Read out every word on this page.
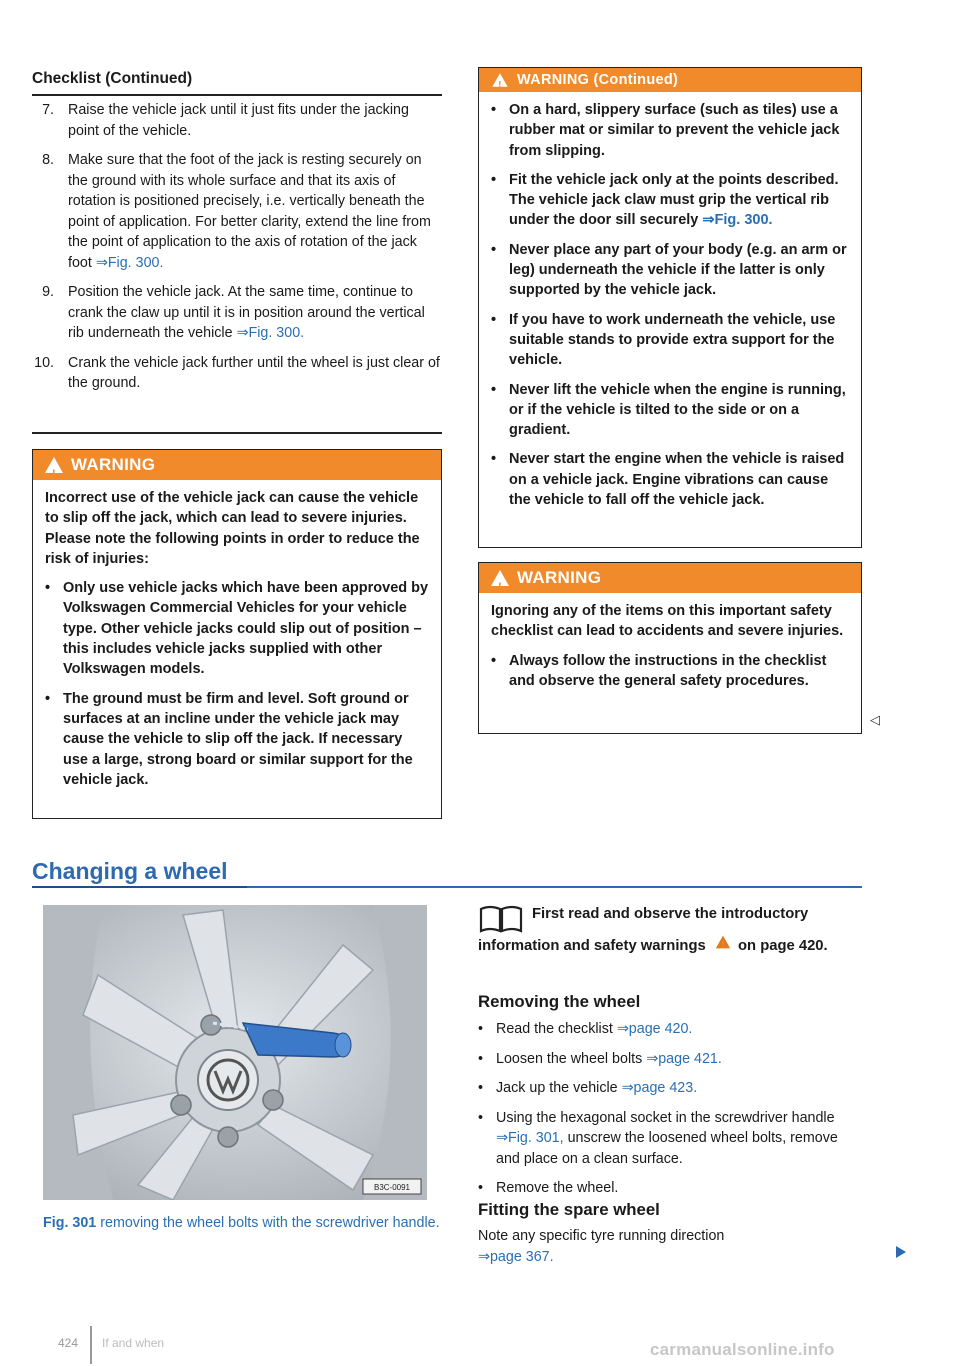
Checklist (Continued)
7. Raise the vehicle jack until it just fits under the jacking point of the vehicle.
8. Make sure that the foot of the jack is resting securely on the ground with its whole surface and that its axis of rotation is positioned precisely, i.e. vertically beneath the point of application. For better clarity, extend the line from the point of application to the axis of rotation of the jack foot ⇒Fig. 300.
9. Position the vehicle jack. At the same time, continue to crank the claw up until it is in position around the vertical rib underneath the vehicle ⇒Fig. 300.
10. Crank the vehicle jack further until the wheel is just clear of the ground.
!
WARNING

Incorrect use of the vehicle jack can cause the vehicle to slip off the jack, which can lead to severe injuries. Please note the following points in order to reduce the risk of injuries:

• Only use vehicle jacks which have been approved by Volkswagen Commercial Vehicles for your vehicle type. Other vehicle jacks could slip out of position – this includes vehicle jacks supplied with other Volkswagen models.
• The ground must be firm and level. Soft ground or surfaces at an incline under the vehicle jack may cause the vehicle to slip off the jack. If necessary use a large, strong board or similar support for the vehicle jack.
!
WARNING (Continued)
• On a hard, slippery surface (such as tiles) use a rubber mat or similar to prevent the vehicle jack from slipping.
• Fit the vehicle jack only at the points described. The vehicle jack claw must grip the vertical rib under the door sill securely ⇒Fig. 300.
• Never place any part of your body (e.g. an arm or leg) underneath the vehicle if the latter is only supported by the vehicle jack.
• If you have to work underneath the vehicle, use suitable stands to provide extra support for the vehicle.
• Never lift the vehicle when the engine is running, or if the vehicle is tilted to the side or on a gradient.
• Never start the engine when the vehicle is raised on a vehicle jack. Engine vibrations can cause the vehicle to fall off the vehicle jack.
!
WARNING

Ignoring any of the items on this important safety checklist can lead to accidents and severe injuries.

• Always follow the instructions in the checklist and observe the general safety procedures.
◁
Changing a wheel
B3C-0091
Fig. 301 removing the wheel bolts with the screwdriver handle.
First read and observe the introductory information and safety warnings ! on page 420.
Removing the wheel
• Read the checklist ⇒page 420.
• Loosen the wheel bolts ⇒page 421.
• Jack up the vehicle ⇒page 423.
• Using the hexagonal socket in the screwdriver handle ⇒Fig. 301, unscrew the loosened wheel bolts, remove and place on a clean surface.
• Remove the wheel.
Fitting the spare wheel
Note any specific tyre running direction
⇒page 367.
424 If and when	carmanualsonline.info
